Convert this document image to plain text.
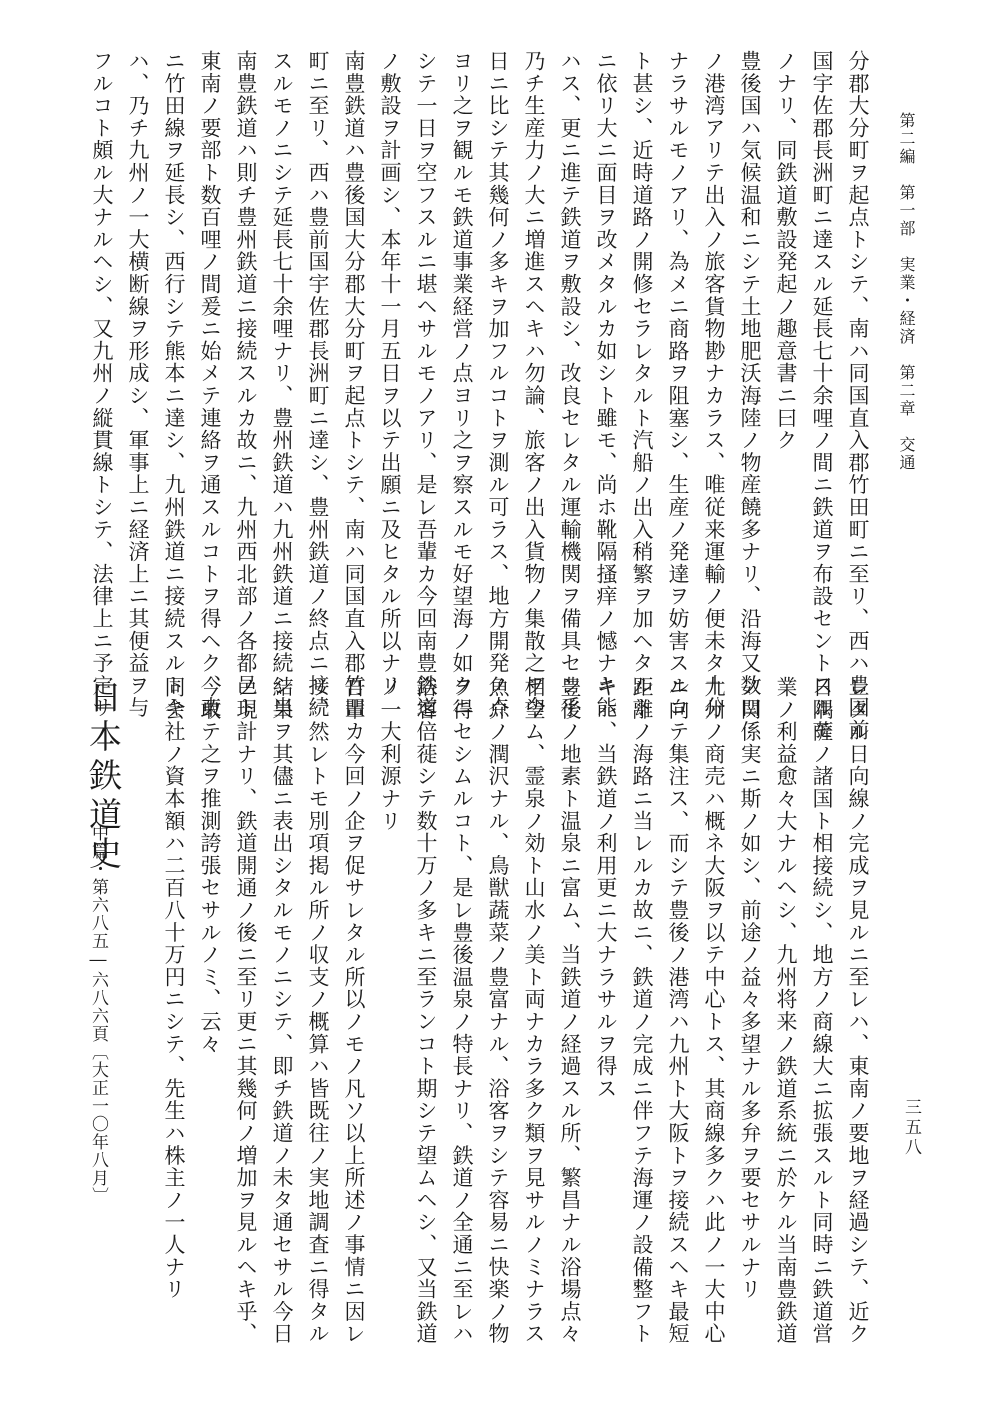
第二編　第一部　実業・経済　第二章　交通
分郡大分町ヲ起点トシテ、南ハ同国直入郡竹田町ニ至リ、西ハ豊国前
国宇佐郡長洲町ニ達スル延長七十余哩ノ間ニ鉄道ヲ布設セントスルモ
ノナリ、同鉄道敷設発起ノ趣意書ニ曰ク
豊後国ハ気候温和ニシテ土地肥沃海陸ノ物産饒多ナリ、沿海又数口
ノ港湾アリテ出入ノ旅客貨物尠ナカラス、唯従来運輸ノ便未タ十分
ナラサルモノアリ、為メニ商路ヲ阻塞シ、生産ノ発達ヲ妨害スルコ
ト甚シ、近時道路ノ開修セラレタルト汽船ノ出入稍繁ヲ加ヘタルト
ニ依リ大ニ面目ヲ改メタルカ如シト雖モ、尚ホ靴隔搔痒ノ憾ナキ能
ハス、更ニ進テ鉄道ヲ敷設シ、改良セレタル運輸機関ヲ備具セン乎
乃チ生産力ノ大ニ増進スヘキハ勿論、旅客ノ出入貨物ノ集散之ヲ今
日ニ比シテ其幾何ノ多キヲ加フルコトヲ測ル可ラス、地方開発ノ点
ヨリ之ヲ観ルモ鉄道事業経営ノ点ヨリ之ヲ察スルモ好望海ノ如クニ
シテ一日ヲ空フスルニ堪ヘサルモノアリ、是レ吾輩カ今回南豊鉄道
ノ敷設ヲ計画シ、本年十一月五日ヲ以テ出願ニ及ヒタル所以ナリ
南豊鉄道ハ豊後国大分郡大分町ヲ起点トシテ、南ハ同国直入郡竹田
町ニ至リ、西ハ豊前国宇佐郡長洲町ニ達シ、豊州鉄道ノ終点ニ接続
スルモノニシテ延長七十余哩ナリ、豊州鉄道ハ九州鉄道ニ接続シ当
南豊鉄道ハ則チ豊州鉄道ニ接続スルカ故ニ、九州西北部ノ各都邑ト
東南ノ要部ト数百哩ノ間爰ニ始メテ連絡ヲ通スルコトヲ得ヘク、東
ニ竹田線ヲ延長シ、西行シテ熊本ニ達シ、九州鉄道ニ接続スルトキ
ハ、乃チ九州ノ一大横断線ヲ形成シ、軍事上ニ経済上ニ其便益ヲ与
フルコト頗ル大ナルヘシ、又九州ノ縦貫線トシテ、法律上ニ予定サ
レタル日向線ノ完成ヲ見ルニ至レハ、東南ノ要地ヲ経過シテ、近ク
日隅薩ノ諸国ト相接続シ、地方ノ商線大ニ拡張スルト同時ニ鉄道営
業ノ利益愈々大ナルヘシ、九州将来ノ鉄道系統ニ於ケル当南豊鉄道
ノ関係実ニ斯ノ如シ、前途ノ益々多望ナル多弁ヲ要セサルナリ
九州ノ商売ハ概ネ大阪ヲ以テ中心トス、其商線多クハ此ノ一大中心
ニ向テ集注ス、而シテ豊後ノ港湾ハ九州ト大阪トヲ接続スヘキ最短
距離ノ海路ニ当レルカ故ニ、鉄道ノ完成ニ伴フテ海運ノ設備整フト
キハ、当鉄道ノ利用更ニ大ナラサルヲ得ス
豊後ノ地素ト温泉ニ富ム、当鉄道ノ経過スル所、繁昌ナル浴場点々
相望ム、霊泉ノ効ト山水ノ美ト両ナカラ多ク類ヲ見サルノミナラス
魚介ノ潤沢ナル、鳥獣蔬菜ノ豊富ナル、浴客ヲシテ容易ニ快楽ノ物
ヲ得セシムルコト、是レ豊後温泉ノ特長ナリ、鉄道ノ全通ニ至レハ
浴客倍蓰シテ数十万ノ多キニ至ランコト期シテ望ムヘシ、又当鉄道
ノ一大利源ナリ
吾輩カ今回ノ企ヲ促サレタル所以ノモノ凡ソ以上所述ノ事情ニ因レ
リ、然レトモ別項掲ル所ノ収支ノ概算ハ皆既往ノ実地調査ニ得タル
結果ヲ其儘ニ表出シタルモノニシテ、即チ鉄道ノ未タ通セサル今日
ノ現計ナリ、鉄道開通ノ後ニ至リ更ニ其幾何ノ増加ヲ見ルヘキ乎、
今敢テ之ヲ推測誇張セサルノミ、云々
同会社ノ資本額ハ二百八十万円ニシテ、先生ハ株主ノ一人ナリ	三五八
日本鉄道史
中篇・第六八五―六八六頁〔大正一〇年八月〕
